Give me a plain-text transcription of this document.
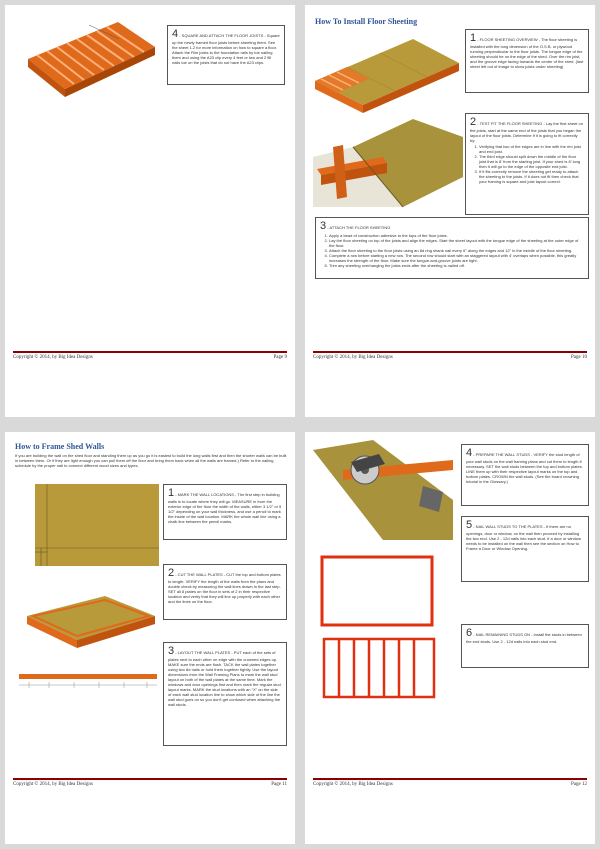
4 - SQUARE AND ATTACH THE FLOOR JOISTS - Square up the newly framed floor joists before sheeting them. See the sheet 1.2 for more information on how to square a floor. Attach the Rim joists to the foundation rails by toe nailing them and using the A23 clip every 4 feet or two and 2 fill nails toe on the joists that do not have the A23 clips.
Copyright © 2014, by Big Idea Designs	Page 9
How To Install Floor Sheeting
1 - FLOOR SHEETING OVERVIEW - The floor sheeting is installed with the long dimension of the O.S.B. or plywood running perpendicular to the floor joists. The tongue edge of the sheeting should be on the edge of the shed. Over the rim joist, and the groove edge facing towards the center of the shed. (last sheet left out of image to show joists under sheeting)
2 - TEST FIT THE FLOOR SHEETING - Lay the first sheet on the joists, start at the same end of the joists that you began the layout of the floor joists. Determine if it is going to fit correctly by:
1. Verifying that two of the edges are in line with the rim joist and end joist.
2. The third edge should split down the middle of the floor joist that is 8' from the starting joist. If your shed is 8' long then it will go to the edge of the opposite end joist.
3. If it fits correctly remove the sheeting get ready to attach the sheeting to the joists. If it does not fit then check that your framing is square and joist layout correct.
3 - ATTACH THE FLOOR SHEETING
1. Apply a bead of construction adhesive to the tops of the floor joists.
2. Lay the floor sheeting on top of the joists and align the edges. Start the sheet layout with the tongue edge of the sheeting at the outer edge of the floor.
3. Attach the floor sheeting to the floor joists using an 8d ring shank nail every 6" along the edges and 12" in the middle of the floor sheeting.
4. Complete a row before starting a new row. The second row should start with an staggered layout with 4' overlaps when possible, this greatly increases the strength of the floor. Make sure the tongue-and-groove joints are tight.
5. Trim any sheeting overhanging the joists ends after the sheeting is nailed off.
Copyright © 2014, by Big Idea Designs	Page 10
How to Frame Shed Walls
If you are building the wall on the shed floor and standing them up as you go it is easiest to build the long walls first and then the shorter walls can be built in between them. Or if they are light enough you can pull them off the floor and bring them back when all the walls are framed.) Refer to the nailing schedule by the proper nail to connect different wood sizes and types.
1 - MARK THE WALL LOCATIONS - The first step in building walls is to locate where they will go. MEASURE in from the exterior edge of the floor the width of the walls, either 3 1/2" or 5 1/2" depending on your wall thickness, and use a pencil to mark the inside of the wall location. MARK the whole wall line using a chalk line between the pencil marks.
2 - CUT THE WALL PLATES - CUT the top and bottom plates to length. VERIFY the length of the walls from the plans and double check by measuring the wall lines drawn in the last step. SET all 8 plates on the floor in sets of 2 in their respective location and verify that they will line up properly with each other and the lines on the floor.
3 - LAYOUT THE WALL PLATES - PUT each of the sets of plates next to each other on edge with the crowned edges up. MAKE sure the ends are flush. TACK the wall plates together using two 8d nails or hold them together tightly. Use the layout dimensions from the Wall Framing Plans to mark the wall stud layout on both of the wall plates at the same time. Mark the windows and door openings first and then mark the regular stud layout marks. MARK the stud locations with an "X" on the side of each wall stud location line to show which side of the line the wall stud goes on so you don't get confused when attaching the wall studs.
Copyright © 2014, by Big Idea Designs	Page 11
4 - PREPARE THE WALL STUDS - VERIFY the stud length of your wall studs on the wall framing plans and cut them to length if necessary. SET the wall studs between the top and bottom plates. LINE them up with their respective layout marks on the top and bottom plates. CROWN the wall studs. (See the board crowning tutorial in the Glossary.)
5 - NAIL WALL STUDS TO THE PLATES - If there are no openings, door or window, on the wall then proceed by installing the two end. Use 2 - 12d nails into each stud. If a door or window needs to be installed on the wall then see the section on How to Frame a Door or Window Opening.
6 - NAIL REMAINING STUDS ON - Install the studs in between the end studs. Use 2 - 12d nails into each stud end.
Copyright © 2014, by Big Idea Designs	Page 12
